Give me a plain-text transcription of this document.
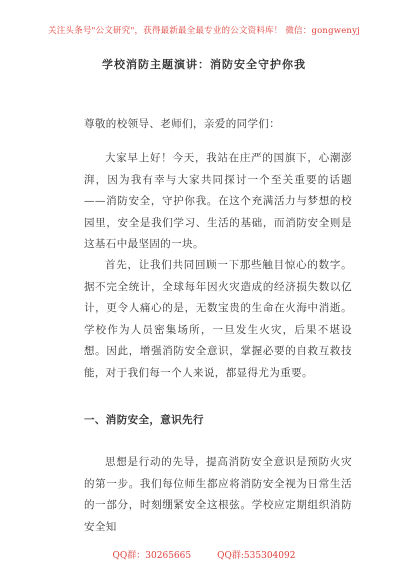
关注头条号"公文研究"，获得最新最全最专业的公文资料库！ 微信：gongwenyj
学校消防主题演讲：消防安全守护你我
尊敬的校领导、老师们，亲爱的同学们：
大家早上好！今天，我站在庄严的国旗下，心潮澎湃，因为我有幸与大家共同探讨一个至关重要的话题——消防安全，守护你我。在这个充满活力与梦想的校园里，安全是我们学习、生活的基础，而消防安全则是这基石中最坚固的一块。
首先，让我们共同回顾一下那些触目惊心的数字。据不完全统计，全球每年因火灾造成的经济损失数以亿计，更令人痛心的是，无数宝贵的生命在火海中消逝。学校作为人员密集场所，一旦发生火灾，后果不堪设想。因此，增强消防安全意识，掌握必要的自救互救技能，对于我们每一个人来说，都显得尤为重要。
一、消防安全，意识先行
思想是行动的先导，提高消防安全意识是预防火灾的第一步。我们每位师生都应将消防安全视为日常生活的一部分，时刻绷紧安全这根弦。学校应定期组织消防安全知
QQ群：30265665	QQ群:535304092
